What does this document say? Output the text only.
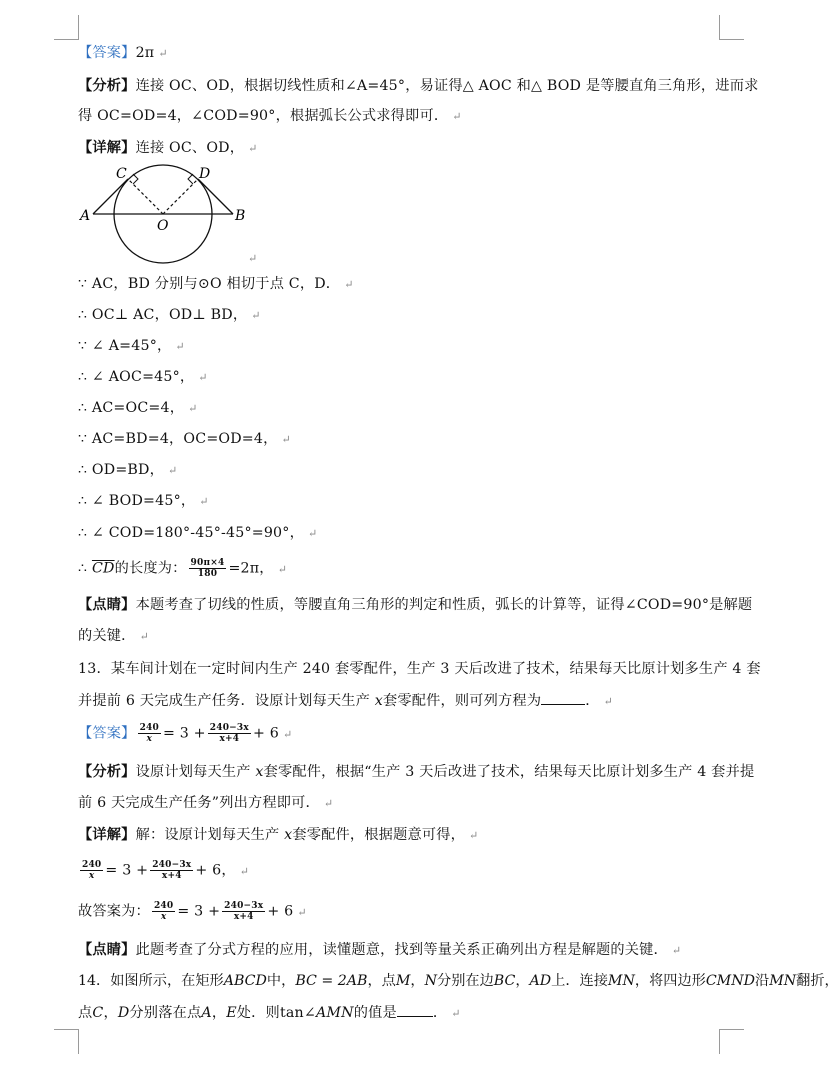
【答案】2π ↵
【分析】连接 OC、OD，根据切线性质和∠A=45°，易证得△ AOC 和△ BOD 是等腰直角三角形，进而求
得 OC=OD=4，∠COD=90°，根据弧长公式求得即可． ↵
【详解】连接 OC、OD， ↵
A	B
C	D
O
↵
∵ AC，BD 分别与⊙O 相切于点 C，D． ↵
∴ OC⊥ AC，OD⊥ BD， ↵
∵ ∠ A=45°， ↵
∴ ∠ AOC=45°， ↵
∴ AC=OC=4， ↵
∵ AC=BD=4，OC=OD=4， ↵
∴ OD=BD， ↵
∴ ∠ BOD=45°， ↵
∴ ∠ COD=180°-45°-45°=90°， ↵
∴ $\overline{CD}$的长度为： $\frac{90\pi\times 4}{180} =2\pi$， ↵
【点睛】本题考查了切线的性质，等腰直角三角形的判定和性质，弧长的计算等，证得∠COD=90°是解题
的关键． ↵
13．某车间计划在一定时间内生产 240 套零配件，生产 3 天后改进了技术，结果每天比原计划多生产 4 套
并提前 6 天完成生产任务．设原计划每天生产 x套零配件，则可列方程为	． ↵
【答案】 $\frac{240}{x} = 3 + \frac{240-3x}{x+4} + 6$ ↵
【分析】设原计划每天生产 x套零配件，根据“生产 3 天后改进了技术，结果每天比原计划多生产 4 套并提
前 6 天完成生产任务”列出方程即可． ↵
【详解】解：设原计划每天生产 x套零配件，根据题意可得， ↵
$\frac{240}{x} = 3 + \frac{240-3x}{x+4} + 6$， ↵
故答案为： $\frac{240}{x} = 3 + \frac{240-3x}{x+4} + 6$ ↵
【点睛】此题考查了分式方程的应用，读懂题意，找到等量关系正确列出方程是解题的关键． ↵
14．如图所示，在矩形ABCD中，BC = 2AB，点M，N分别在边BC，AD上．连接MN，将四边形CMND沿MN翻折，
点C，D分别落在点A，E处．则tan∠AMN的值是	． ↵
